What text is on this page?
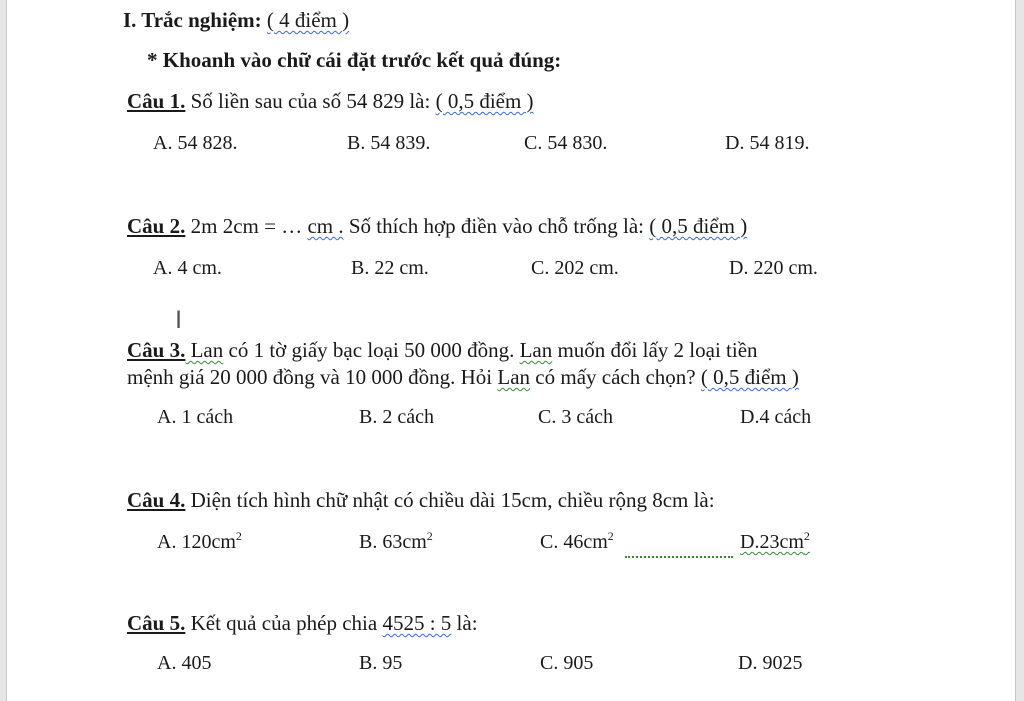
I. Trắc nghiệm: ( 4 điểm )
* Khoanh vào chữ cái đặt trước kết quả đúng:
Câu 1. Số liền sau của số 54 829 là: ( 0,5 điểm )
A. 54 828.	B. 54 839.	C. 54 830.	D. 54 819.
Câu 2. 2m 2cm = … cm . Số thích hợp điền vào chỗ trống là: ( 0,5 điểm )
A. 4 cm.	B. 22 cm.	C. 202 cm.	D. 220 cm.
Ⅰ
Câu 3. Lan có 1 tờ giấy bạc loại 50 000 đồng. Lan muốn đổi lấy 2 loại tiền
mệnh giá 20 000 đồng và 10 000 đồng. Hỏi Lan có mấy cách chọn? ( 0,5 điểm )
A. 1 cách	B. 2 cách	C. 3 cách	D.4 cách
Câu 4. Diện tích hình chữ nhật có chiều dài 15cm, chiều rộng 8cm là:
A. $120cm^2$	B. $63cm^2$	C. $46cm^2$	$D.23cm^2$
Câu 5. Kết quả của phép chia 4525 : 5 là:
A. 405	B. 95	C. 905	D. 9025
